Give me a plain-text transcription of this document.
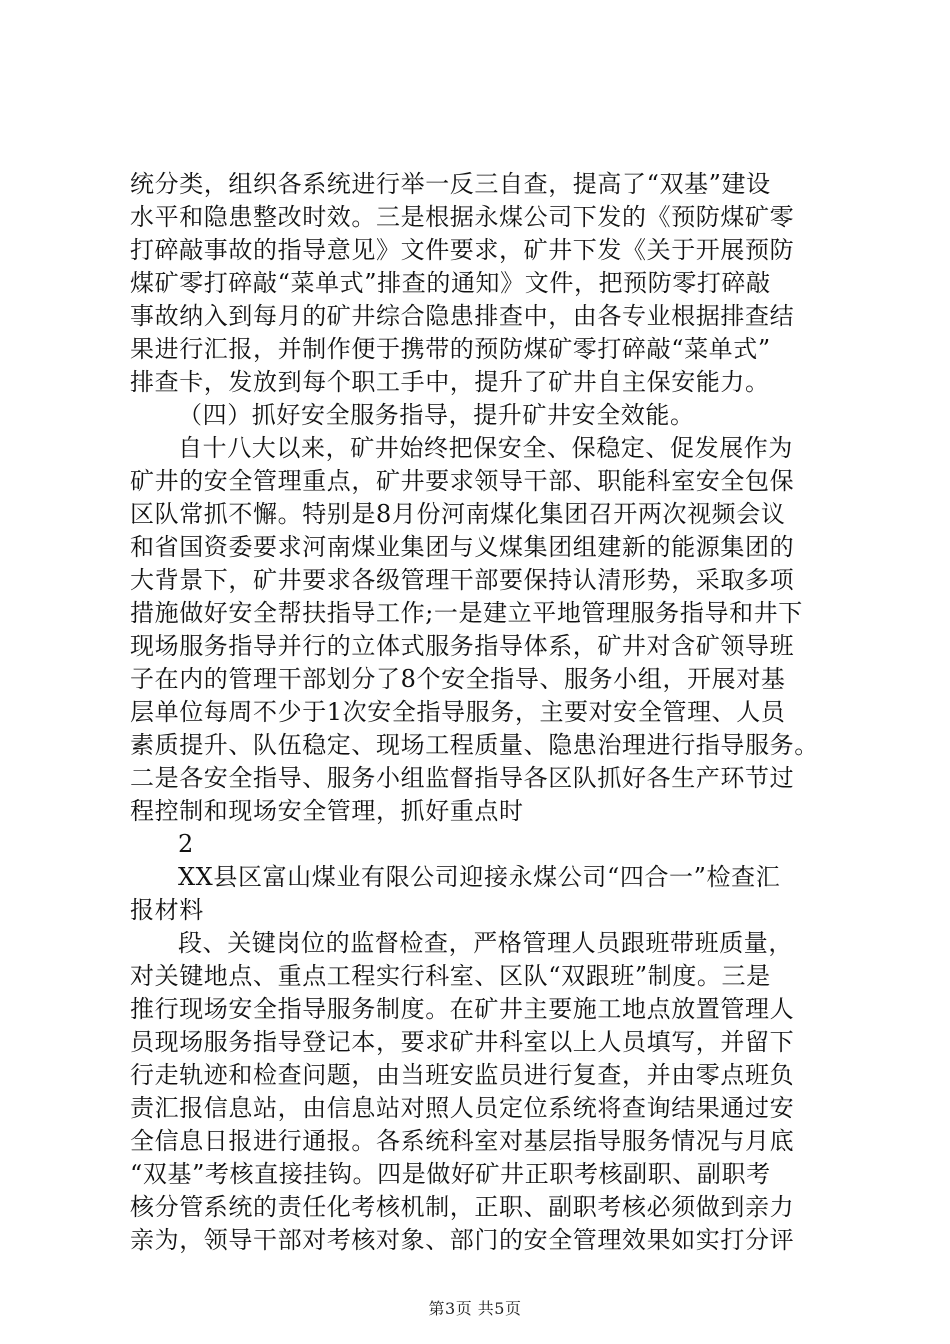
统分类，组织各系统进行举一反三自查，提高了“双基”建设
水平和隐患整改时效。三是根据永煤公司下发的《预防煤矿零
打碎敲事故的指导意见》文件要求，矿井下发《关于开展预防
煤矿零打碎敲“菜单式”排查的通知》文件，把预防零打碎敲
事故纳入到每月的矿井综合隐患排查中，由各专业根据排查结
果进行汇报，并制作便于携带的预防煤矿零打碎敲“菜单式”
排查卡，发放到每个职工手中，提升了矿井自主保安能力。
（四）抓好安全服务指导，提升矿井安全效能。
自十八大以来，矿井始终把保安全、保稳定、促发展作为
矿井的安全管理重点，矿井要求领导干部、职能科室安全包保
区队常抓不懈。特别是8月份河南煤化集团召开两次视频会议
和省国资委要求河南煤业集团与义煤集团组建新的能源集团的
大背景下，矿井要求各级管理干部要保持认清形势，采取多项
措施做好安全帮扶指导工作;一是建立平地管理服务指导和井下
现场服务指导并行的立体式服务指导体系，矿井对含矿领导班
子在内的管理干部划分了8个安全指导、服务小组，开展对基
层单位每周不少于1次安全指导服务，主要对安全管理、人员
素质提升、队伍稳定、现场工程质量、隐患治理进行指导服务。
二是各安全指导、服务小组监督指导各区队抓好各生产环节过
程控制和现场安全管理，抓好重点时
2
XX县区富山煤业有限公司迎接永煤公司“四合一”检查汇
报材料
段、关键岗位的监督检查，严格管理人员跟班带班质量，
对关键地点、重点工程实行科室、区队“双跟班”制度。三是
推行现场安全指导服务制度。在矿井主要施工地点放置管理人
员现场服务指导登记本，要求矿井科室以上人员填写，并留下
行走轨迹和检查问题，由当班安监员进行复查，并由零点班负
责汇报信息站，由信息站对照人员定位系统将查询结果通过安
全信息日报进行通报。各系统科室对基层指导服务情况与月底
“双基”考核直接挂钩。四是做好矿井正职考核副职、副职考
核分管系统的责任化考核机制，正职、副职考核必须做到亲力
亲为，领导干部对考核对象、部门的安全管理效果如实打分评
第3页 共5页
